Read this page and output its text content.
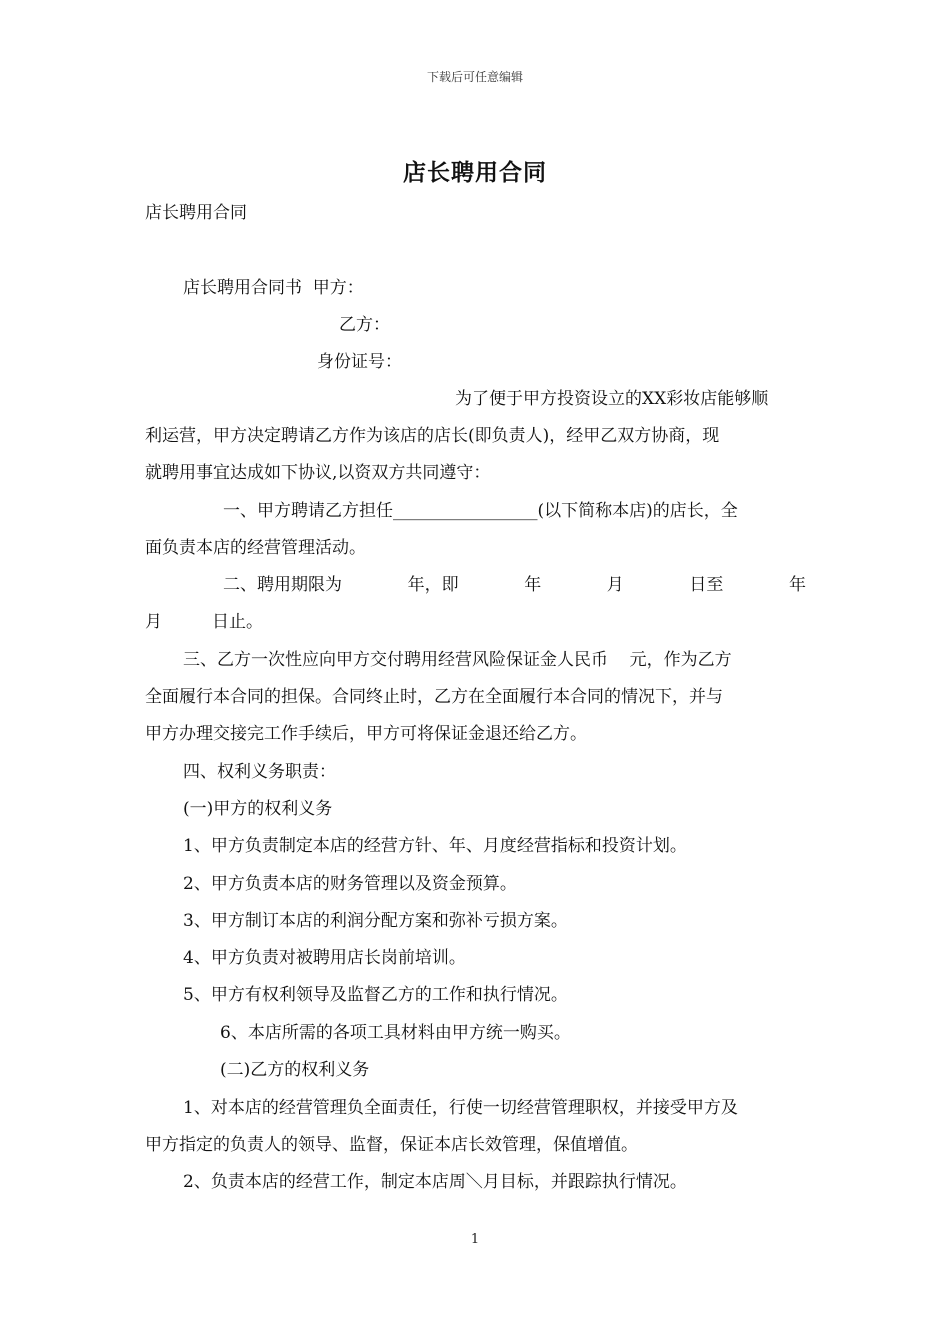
下载后可任意编辑
店长聘用合同
店长聘用合同
店长聘用合同书  甲方：
乙方：
身份证号：
为了便于甲方投资设立的XX彩妆店能够顺
利运营，甲方决定聘请乙方作为该店的店长(即负责人)，经甲乙双方协商，现
就聘用事宜达成如下协议,以资双方共同遵守：
一、甲方聘请乙方担任_________________(以下简称本店)的店长，全
面负责本店的经营管理活动。
二、聘用期限为	年，即	年	月	日至	年
月	日止。
三、乙方一次性应向甲方交付聘用经营风险保证金人民币    元，作为乙方
全面履行本合同的担保。合同终止时，乙方在全面履行本合同的情况下，并与
甲方办理交接完工作手续后，甲方可将保证金退还给乙方。
四、权利义务职责：
(一)甲方的权利义务
1、甲方负责制定本店的经营方针、年、月度经营指标和投资计划。
2、甲方负责本店的财务管理以及资金预算。
3、甲方制订本店的利润分配方案和弥补亏损方案。
4、甲方负责对被聘用店长岗前培训。
5、甲方有权利领导及监督乙方的工作和执行情况。
6、本店所需的各项工具材料由甲方统一购买。
(二)乙方的权利义务
1、对本店的经营管理负全面责任，行使一切经营管理职权，并接受甲方及
甲方指定的负责人的领导、监督，保证本店长效管理，保值增值。
2、负责本店的经营工作，制定本店周＼月目标，并跟踪执行情况。
1
